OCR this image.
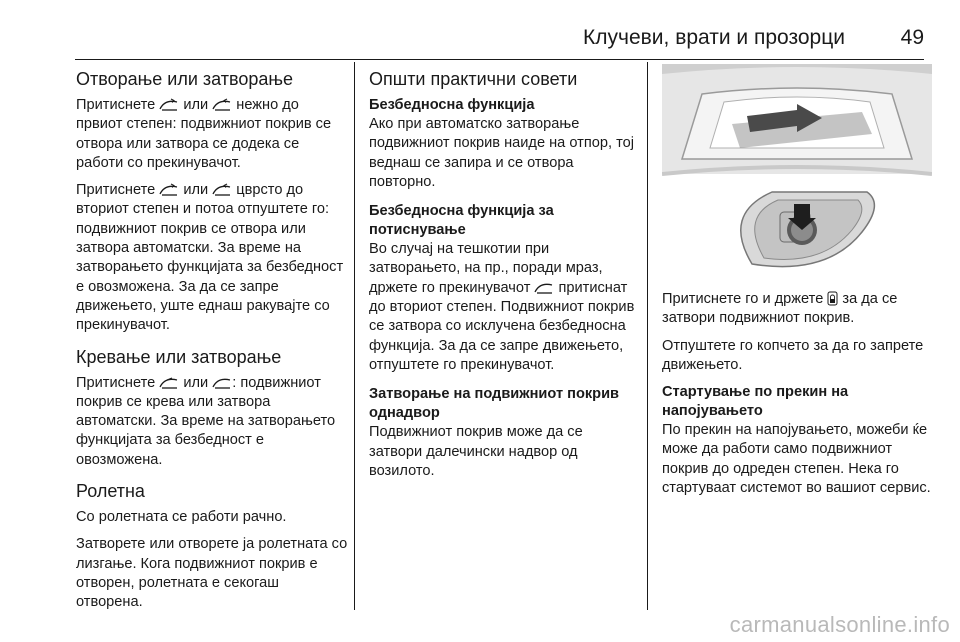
Клучеви, врати и прозорци	49
Отворање или затворање

Притиснете  или  нежно до првиот степен: подвижниот покрив се отвора или затвора се додека се работи со прекинувачот.

Притиснете  или  цврсто до вториот степен и потоа отпуштете го: подвижниот покрив се отвора или затвора автоматски. За време на затворањето функцијата за безбедност е овозможена. За да се запре движењето, уште еднаш ракувајте со прекинувачот.

Кревање или затворање

Притиснете  или : подвижниот покрив се крева или затвора автоматски. За време на затворањето функцијата за безбедност е овозможена.

Ролетна

Со ролетната се работи рачно.

Затворете или отворете ја ролетната со лизгање. Кога подвижниот покрив е отворен, ролетната е секогаш отворена.

Општи практични совети
Безбедносна функција

Ако при автоматско затворање подвижниот покрив наиде на отпор, тој веднаш се запира и се отвора повторно.

Безбедносна функција за потиснување

Во случај на тешкотии при затворањето, на пр., поради мраз, држете го прекинувачот  притиснат до вториот степен. Подвижниот покрив се затвора со исклучена безбедносна функција. За да се запре движењето, отпуштете го прекинувачот.

Затворање на подвижниот покрив однадвор

Подвижниот покрив може да се затвори далечински надвор од возилото.

Притиснете го и држете  за да се затвори подвижниот покрив.

Отпуштете го копчето за да го запрете движењето.

Стартување по прекин на напојувањето

По прекин на напојувањето, можеби ќе може да работи само подвижниот покрив до одреден степен. Нека го стартуваат системот во вашиот сервис.

carmanualsonline.info
